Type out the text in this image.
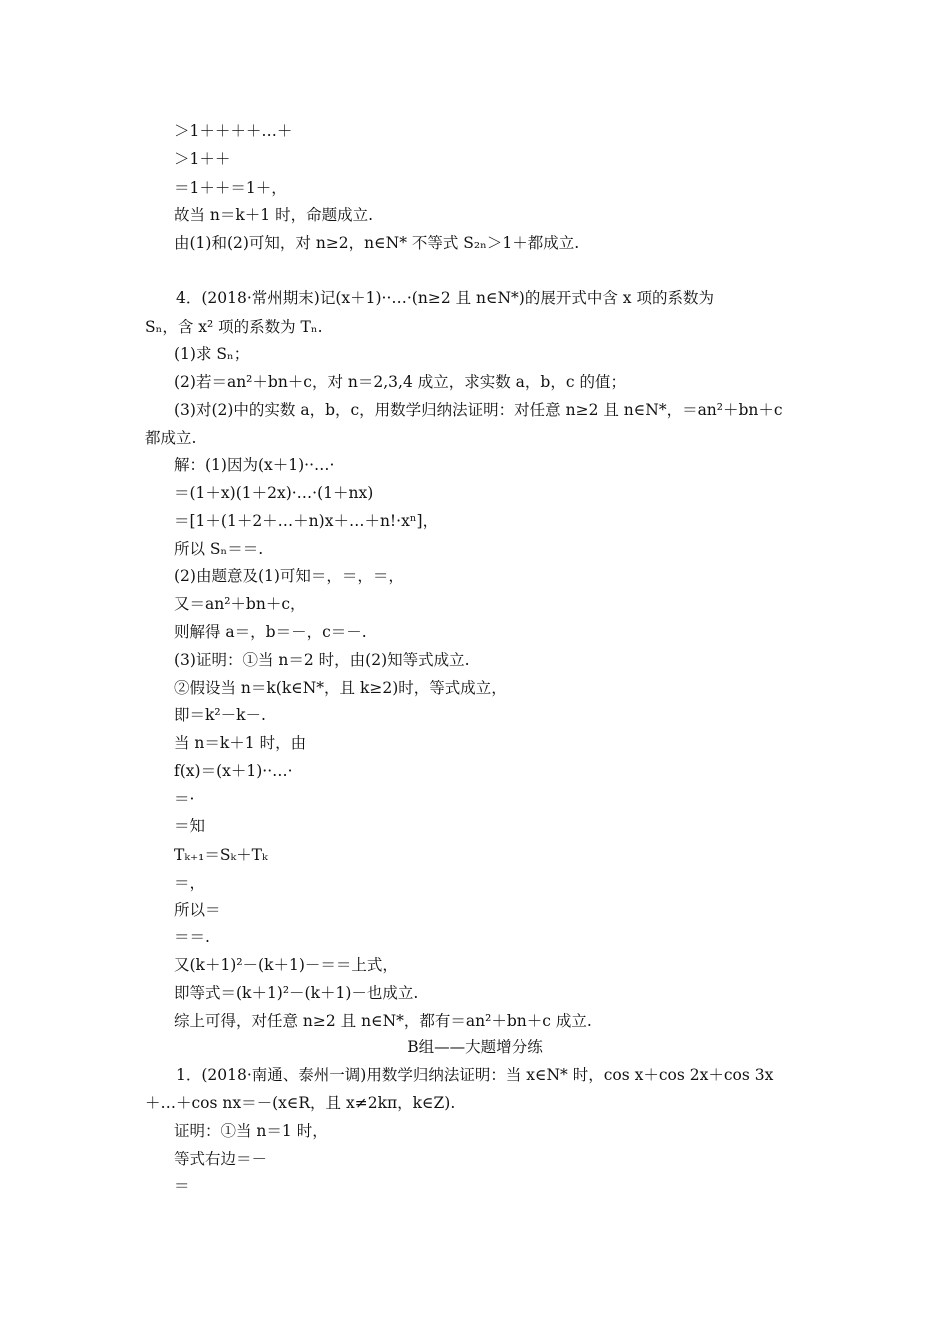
＞1＋＋＋＋…＋
＞1＋＋
＝1＋＋＝1＋，
故当 n＝k＋1 时，命题成立.
由(1)和(2)可知，对 n≥2，n∈N* 不等式 S₂ₙ＞1＋都成立.
4．(2018·常州期末)记(x＋1)··…·(n≥2 且 n∈N*)的展开式中含 x 项的系数为
Sₙ，含 x² 项的系数为 Tₙ.
(1)求 Sₙ；
(2)若＝an²＋bn＋c，对 n＝2,3,4 成立，求实数 a，b，c 的值；
(3)对(2)中的实数 a，b，c，用数学归纳法证明：对任意 n≥2 且 n∈N*，＝an²＋bn＋c
都成立.
解：(1)因为(x＋1)··…·
＝(1＋x)(1＋2x)·…·(1＋nx)
＝[1＋(1＋2＋…＋n)x＋…＋n!·xⁿ]，
所以 Sₙ＝＝.
(2)由题意及(1)可知＝，＝，＝，
又＝an²＋bn＋c，
则解得 a＝，b＝－，c＝－.
(3)证明：①当 n＝2 时，由(2)知等式成立.
②假设当 n＝k(k∈N*，且 k≥2)时，等式成立，
即＝k²－k－.
当 n＝k＋1 时，由
f(x)＝(x＋1)··…·
＝·
＝知
Tₖ₊₁＝Sₖ＋Tₖ
＝，
所以＝
＝＝.
又(k＋1)²－(k＋1)－＝＝上式，
即等式＝(k＋1)²－(k＋1)－也成立.
综上可得，对任意 n≥2 且 n∈N*，都有＝an²＋bn＋c 成立.
B组——大题增分练
1．(2018·南通、泰州一调)用数学归纳法证明：当 x∈N* 时，cos x＋cos 2x＋cos 3x
＋…＋cos nx＝－(x∈R，且 x≠2kπ，k∈Z).
证明：①当 n＝1 时，
等式右边＝－
＝
